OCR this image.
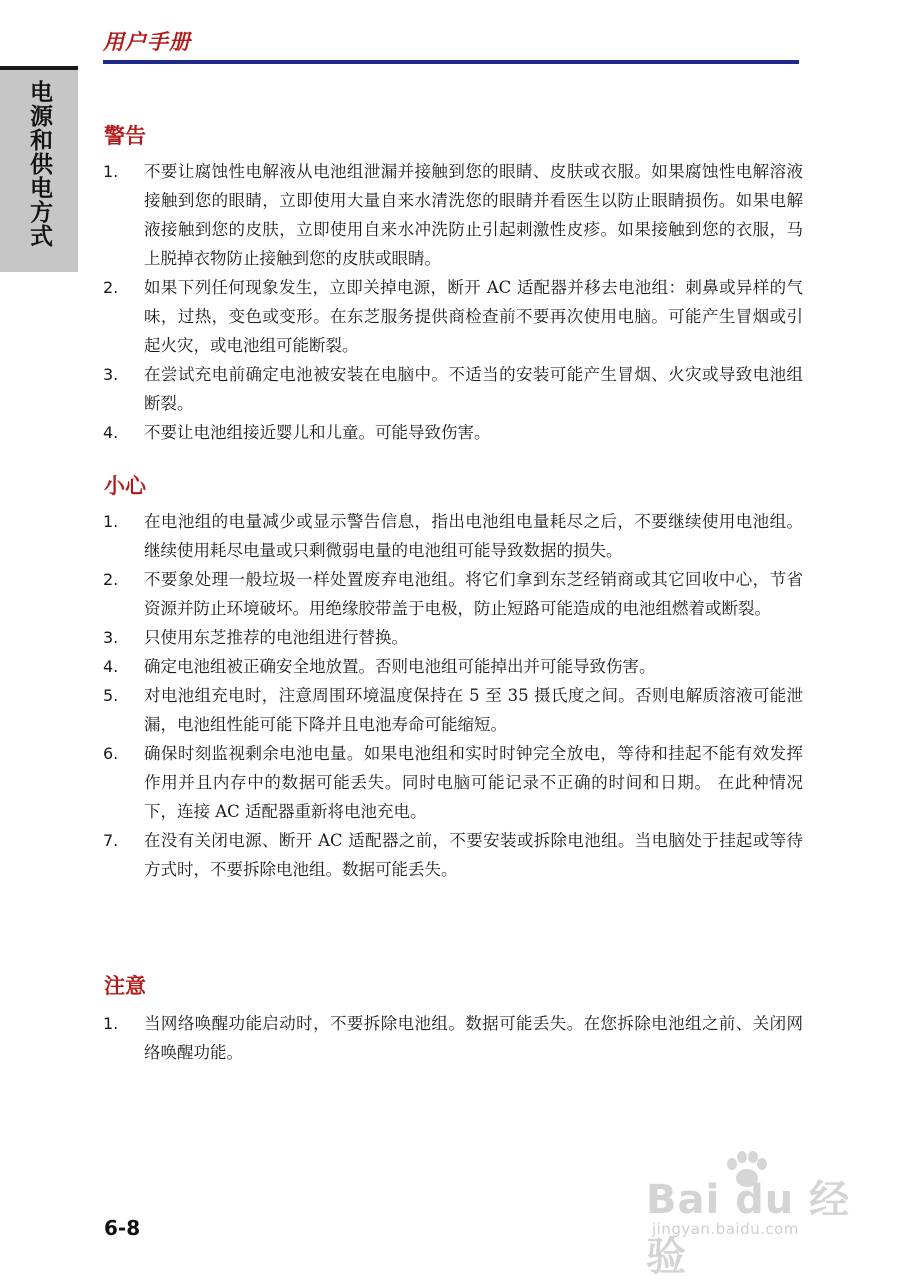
用户手册
电源和供电方式	警告
1. 不要让腐蚀性电解液从电池组泄漏并接触到您的眼睛、皮肤或衣服。如果腐蚀性电解溶液接触到您的眼睛，立即使用大量自来水清洗您的眼睛并看医生以防止眼睛损伤。如果电解液接触到您的皮肤，立即使用自来水冲洗防止引起刺激性皮疹。如果接触到您的衣服，马上脱掉衣物防止接触到您的皮肤或眼睛。
2. 如果下列任何现象发生，立即关掉电源，断开 AC 适配器并移去电池组：刺鼻或异样的气味，过热，变色或变形。在东芝服务提供商检查前不要再次使用电脑。可能产生冒烟或引起火灾，或电池组可能断裂。
3. 在尝试充电前确定电池被安装在电脑中。不适当的安装可能产生冒烟、火灾或导致电池组断裂。
4. 不要让电池组接近婴儿和儿童。可能导致伤害。
小心
1. 在电池组的电量减少或显示警告信息，指出电池组电量耗尽之后，不要继续使用电池组。继续使用耗尽电量或只剩微弱电量的电池组可能导致数据的损失。
2. 不要象处理一般垃圾一样处置废弃电池组。将它们拿到东芝经销商或其它回收中心，节省资源并防止环境破坏。用绝缘胶带盖于电极，防止短路可能造成的电池组燃着或断裂。
3. 只使用东芝推荐的电池组进行替换。
4. 确定电池组被正确安全地放置。否则电池组可能掉出并可能导致伤害。
5. 对电池组充电时，注意周围环境温度保持在 5 至 35 摄氏度之间。否则电解质溶液可能泄漏，电池组性能可能下降并且电池寿命可能缩短。
6. 确保时刻监视剩余电池电量。如果电池组和实时时钟完全放电，等待和挂起不能有效发挥作用并且内存中的数据可能丢失。同时电脑可能记录不正确的时间和日期。 在此种情况下，连接 AC 适配器重新将电池充电。
7. 在没有关闭电源、断开 AC 适配器之前，不要安装或拆除电池组。当电脑处于挂起或等待方式时，不要拆除电池组。数据可能丢失。
注意
1. 当网络唤醒功能启动时，不要拆除电池组。数据可能丢失。在您拆除电池组之前、关闭网络唤醒功能。
6-8
Bai du 经验
jingyan.baidu.com
